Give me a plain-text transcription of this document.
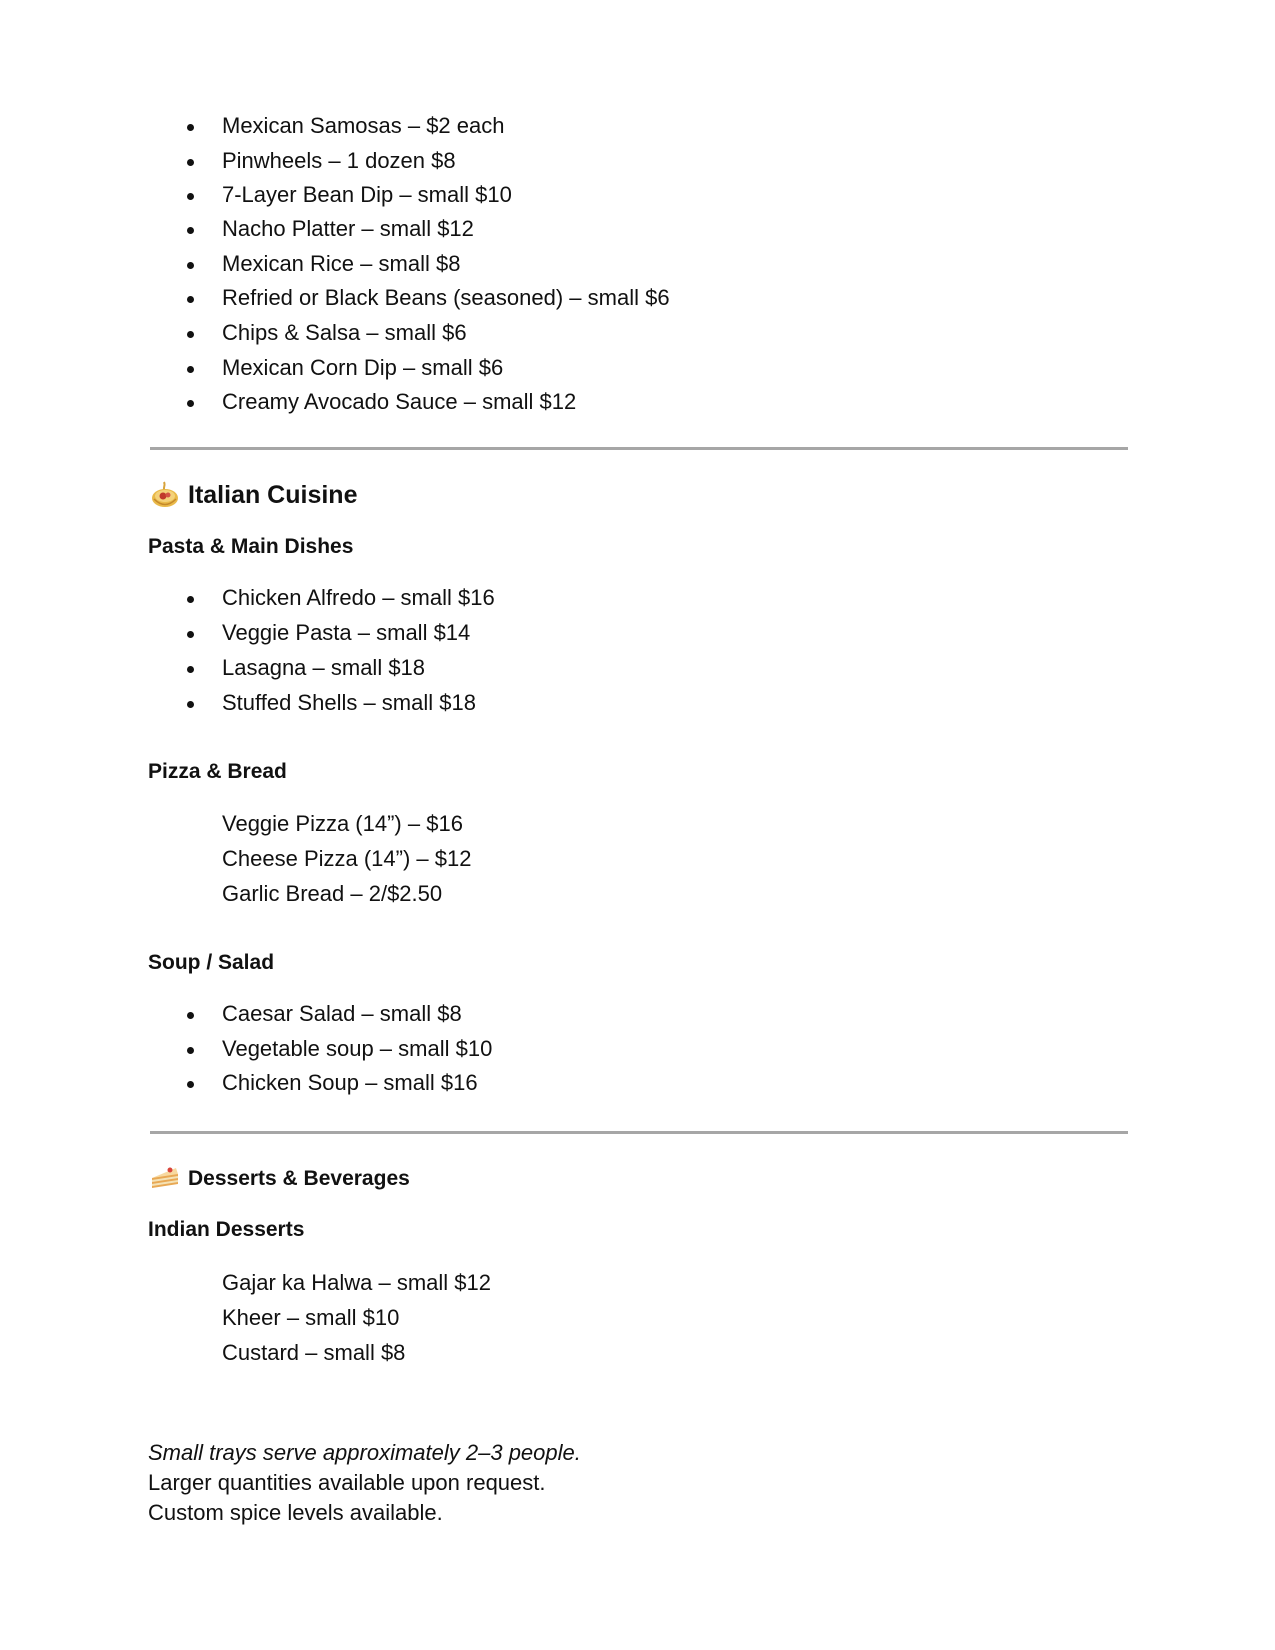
Mexican Samosas – $2 each
Pinwheels – 1 dozen $8
7-Layer Bean Dip – small $10
Nacho Platter – small $12
Mexican Rice – small $8
Refried or Black Beans (seasoned) – small $6
Chips & Salsa – small $6
Mexican Corn Dip – small $6
Creamy Avocado Sauce – small $12
Italian Cuisine
Pasta & Main Dishes
Chicken Alfredo – small $16
Veggie Pasta – small $14
Lasagna – small $18
Stuffed Shells – small $18
Pizza & Bread
Veggie Pizza (14”) – $16
Cheese Pizza (14”) – $12
Garlic Bread – 2/$2.50
Soup / Salad
Caesar Salad – small $8
Vegetable soup – small $10
Chicken Soup – small $16
Desserts & Beverages
Indian Desserts
Gajar ka Halwa – small $12
Kheer – small $10
Custard – small $8
Small trays serve approximately 2–3 people.
Larger quantities available upon request.
Custom spice levels available.
